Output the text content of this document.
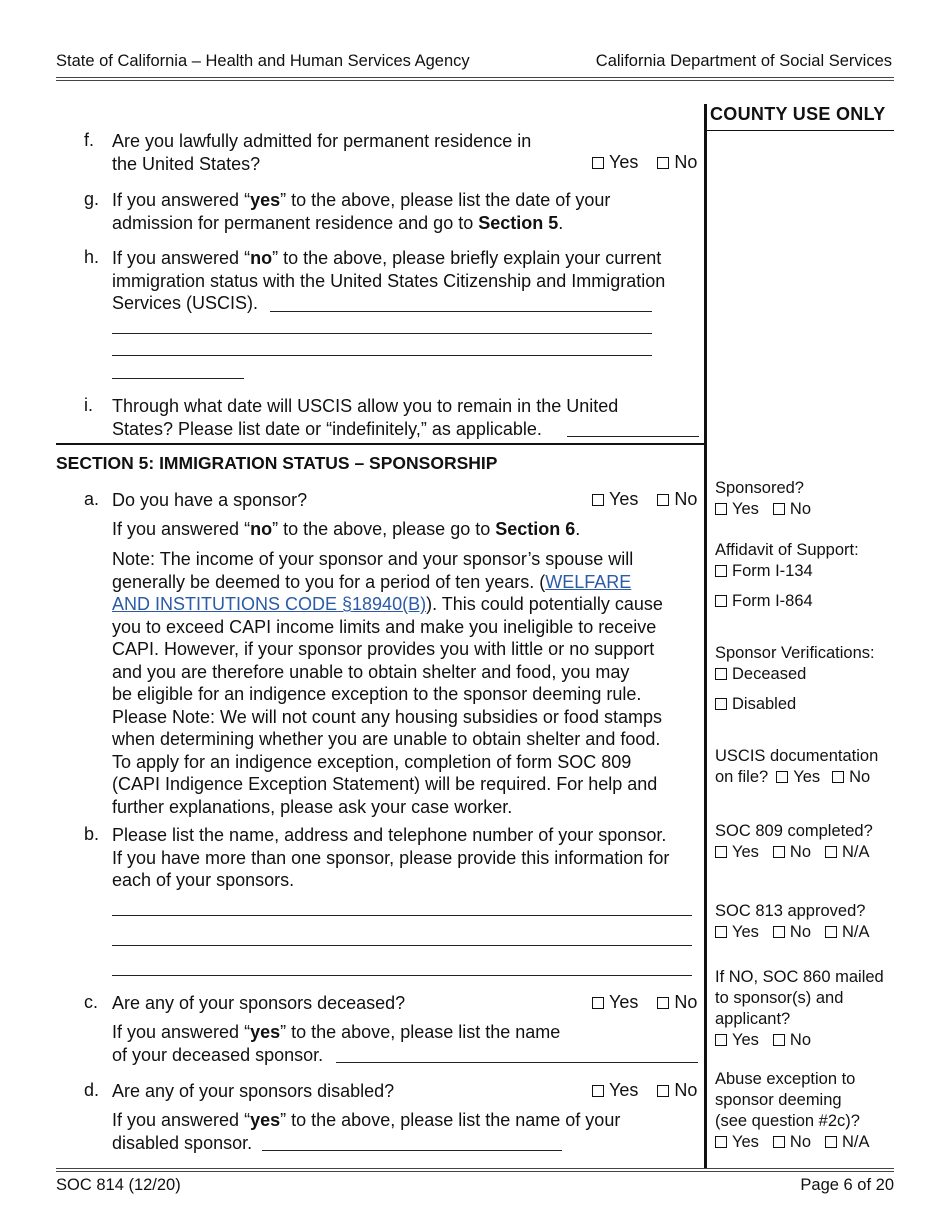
State of California – Health and Human Services Agency	California Department of Social Services
COUNTY USE ONLY
f. Are you lawfully admitted for permanent residence in
the United States?	Yes No
g. If you answered “yes” to the above, please list the date of your
admission for permanent residence and go to Section 5.
h. If you answered “no” to the above, please briefly explain your current
immigration status with the United States Citizenship and Immigration
Services (USCIS).
i. Through what date will USCIS allow you to remain in the United
States? Please list date or “indefinitely,” as applicable.
SECTION 5: IMMIGRATION STATUS – SPONSORSHIP
a. Do you have a sponsor?	Yes No
If you answered “no” to the above, please go to Section 6.
Note: The income of your sponsor and your sponsor’s spouse will
generally be deemed to you for a period of ten years. (WELFARE
AND INSTITUTIONS CODE §18940(B)). This could potentially cause
you to exceed CAPI income limits and make you ineligible to receive
CAPI. However, if your sponsor provides you with little or no support
and you are therefore unable to obtain shelter and food, you may
be eligible for an indigence exception to the sponsor deeming rule.
Please Note: We will not count any housing subsidies or food stamps
when determining whether you are unable to obtain shelter and food.
To apply for an indigence exception, completion of form SOC 809
(CAPI Indigence Exception Statement) will be required. For help and
further explanations, please ask your case worker.
b. Please list the name, address and telephone number of your sponsor.
If you have more than one sponsor, please provide this information for
each of your sponsors.
c. Are any of your sponsors deceased?	Yes No
If you answered “yes” to the above, please list the name
of your deceased sponsor.
d. Are any of your sponsors disabled?	Yes No
If you answered “yes” to the above, please list the name of your
disabled sponsor.
Sponsored?
Yes No
Affidavit of Support:
Form I-134
Form I-864
Sponsor Verifications:
Deceased
Disabled
USCIS documentation
on file? Yes No
SOC 809 completed?
Yes No N/A
SOC 813 approved?
Yes No N/A
If NO, SOC 860 mailed
to sponsor(s) and
applicant?
Yes No
Abuse exception to
sponsor deeming
(see question #2c)?
Yes No N/A
SOC 814 (12/20)	Page 6 of 20
